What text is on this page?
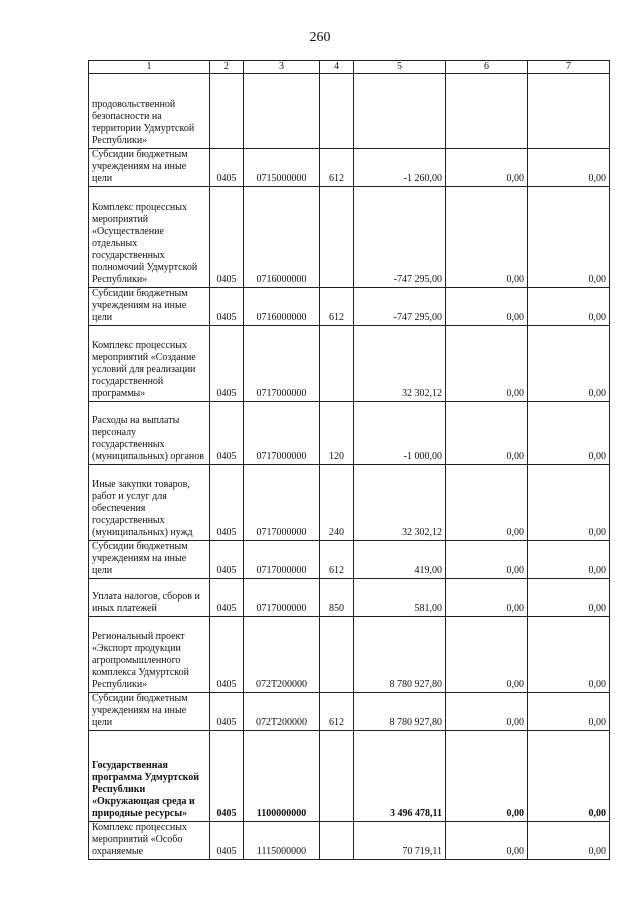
260
1	2	3	4	5	6	7
продовольственной безопасности на территории Удмуртской Республики»						
Субсидии бюджетным учреждениям на иные цели	0405	0715000000	612	-1 260,00	0,00	0,00
Комплекс процессных мероприятий «Осуществление отдельных государственных полномочий Удмуртской Республики»	0405	0716000000		-747 295,00	0,00	0,00
Субсидии бюджетным учреждениям на иные цели	0405	0716000000	612	-747 295,00	0,00	0,00
Комплекс процессных мероприятий «Создание условий для реализации государственной программы»	0405	0717000000		32 302,12	0,00	0,00
Расходы на выплаты персоналу государственных (муниципальных) органов	0405	0717000000	120	-1 000,00	0,00	0,00
Иные закупки товаров, работ и услуг для обеспечения государственных (муниципальных) нужд	0405	0717000000	240	32 302,12	0,00	0,00
Субсидии бюджетным учреждениям на иные цели	0405	0717000000	612	419,00	0,00	0,00
Уплата налогов, сборов и иных платежей	0405	0717000000	850	581,00	0,00	0,00
Региональный проект «Экспорт продукции агропромышленного комплекса Удмуртской Республики»	0405	072T200000		8 780 927,80	0,00	0,00
Субсидии бюджетным учреждениям на иные цели	0405	072T200000	612	8 780 927,80	0,00	0,00
Государственная программа Удмуртской Республики «Окружающая среда и природные ресурсы»	0405	1100000000		3 496 478,11	0,00	0,00
Комплекс процессных мероприятий «Особо охраняемые	0405	1115000000		70 719,11	0,00	0,00
